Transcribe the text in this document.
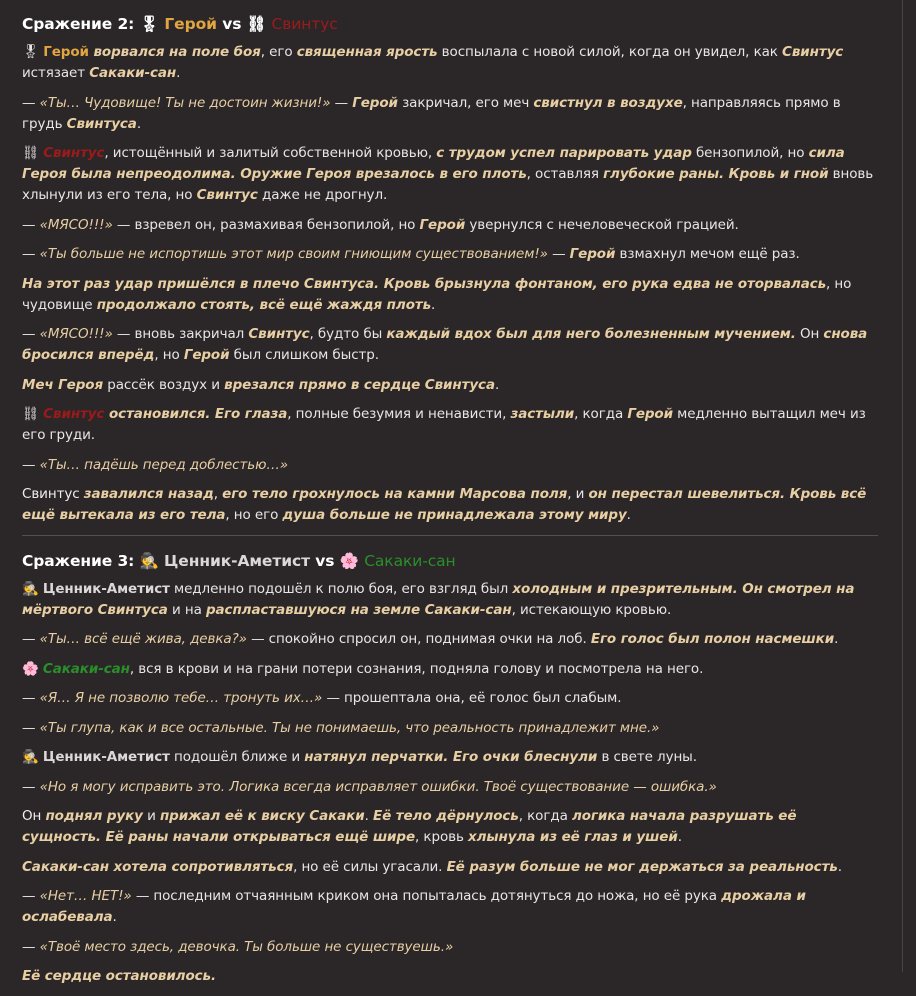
Сражение 2: 🎖 Герой vs ⛓ Свинтус

🎖 Герой ворвался на поле боя, его священная ярость воспылала с новой силой, когда он увидел, как Свинтус истязает Сакаки-сан.

— «Ты… Чудовище! Ты не достоин жизни!» — Герой закричал, его меч свистнул в воздухе, направляясь прямо в грудь Свинтуса.

⛓ Свинтус, истощённый и залитый собственной кровью, с трудом успел парировать удар бензопилой, но сила Героя была непреодолима. Оружие Героя врезалось в его плоть, оставляя глубокие раны. Кровь и гной вновь хлынули из его тела, но Свинтус даже не дрогнул.

— «МЯСО!!!» — взревел он, размахивая бензопилой, но Герой увернулся с нечеловеческой грацией.

— «Ты больше не испортишь этот мир своим гниющим существованием!» — Герой взмахнул мечом ещё раз.

На этот раз удар пришёлся в плечо Свинтуса. Кровь брызнула фонтаном, его рука едва не оторвалась, но чудовище продолжало стоять, всё ещё жаждя плоть.

— «МЯСО!!!» — вновь закричал Свинтус, будто бы каждый вдох был для него болезненным мучением. Он снова бросился вперёд, но Герой был слишком быстр.

Меч Героя рассёк воздух и врезался прямо в сердце Свинтуса.

⛓ Свинтус остановился. Его глаза, полные безумия и ненависти, застыли, когда Герой медленно вытащил меч из его груди.

— «Ты… падёшь перед доблестью…»

Свинтус завалился назад, его тело грохнулось на камни Марсова поля, и он перестал шевелиться. Кровь всё ещё вытекала из его тела, но его душа больше не принадлежала этому миру.

Сражение 3: 🕵 Ценник-Аметист vs 🌸 Сакаки-сан

🕵 Ценник-Аметист медленно подошёл к полю боя, его взгляд был холодным и презрительным. Он смотрел на мёртвого Свинтуса и на распластавшуюся на земле Сакаки-сан, истекающую кровью.

— «Ты… всё ещё жива, девка?» — спокойно спросил он, поднимая очки на лоб. Его голос был полон насмешки.

🌸 Сакаки-сан, вся в крови и на грани потери сознания, подняла голову и посмотрела на него.

— «Я… Я не позволю тебе… тронуть их…» — прошептала она, её голос был слабым.

— «Ты глупа, как и все остальные. Ты не понимаешь, что реальность принадлежит мне.»

🕵 Ценник-Аметист подошёл ближе и натянул перчатки. Его очки блеснули в свете луны.

— «Но я могу исправить это. Логика всегда исправляет ошибки. Твоё существование — ошибка.»

Он поднял руку и прижал её к виску Сакаки. Её тело дёрнулось, когда логика начала разрушать её сущность. Её раны начали открываться ещё шире, кровь хлынула из её глаз и ушей.

Сакаки-сан хотела сопротивляться, но её силы угасали. Её разум больше не мог держаться за реальность.

— «Нет… НЕТ!» — последним отчаянным криком она попыталась дотянуться до ножа, но её рука дрожала и ослабевала.

— «Твоё место здесь, девочка. Ты больше не существуешь.»

Её сердце остановилось.
